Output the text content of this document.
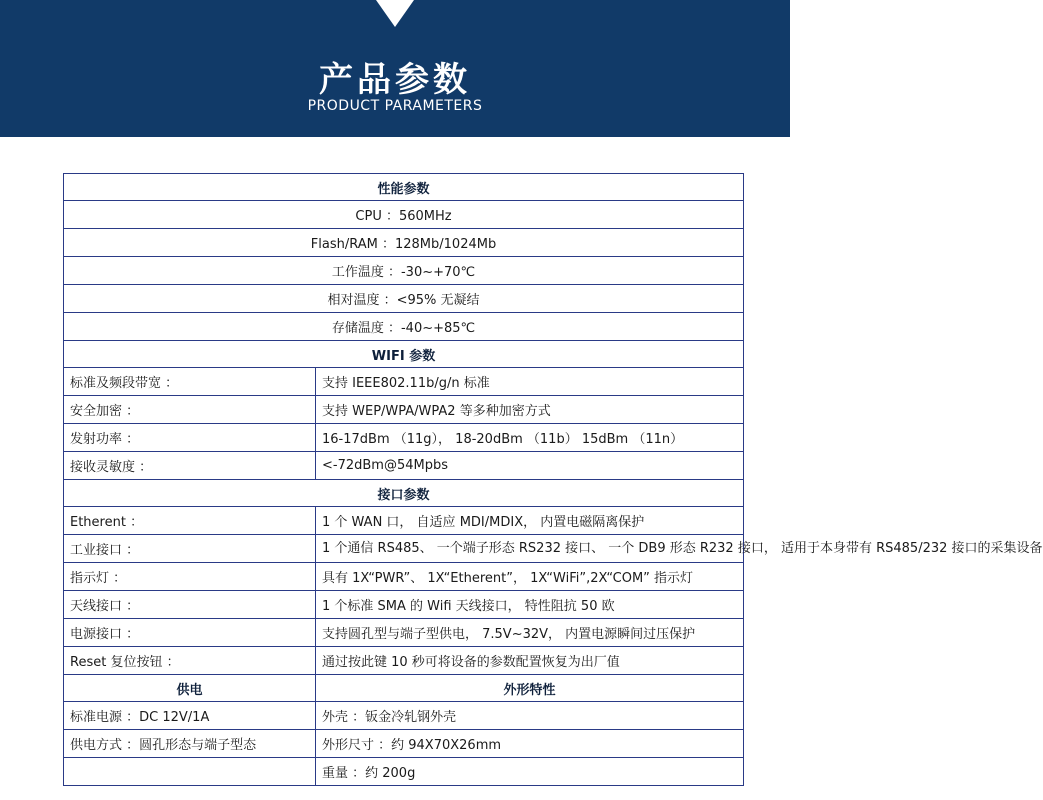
产品参数
PRODUCT PARAMETERS
性能参数	
CPU ：560MHz	
Flash/RAM ：128Mb/1024Mb	
工作温度 ：-30~+70℃	
相对温度 ：<95% 无凝结	
存储温度 ：-40~+85℃	
WIFI 参数	
标准及频段带宽 ：	支持 IEEE802.11b/g/n 标准
安全加密 ：	支持 WEP/WPA/WPA2 等多种加密方式
发射功率 ：	16-17dBm （11g）， 18-20dBm （11b） 15dBm （11n）
接收灵敏度 ：	<-72dBm@54Mpbs
接口参数	
Etherent ：	1 个 WAN 口， 自适应 MDI/MDIX， 内置电磁隔离保护
工业接口 ：	1 个通信 RS485、 一个端子形态 RS232 接口、 一个 DB9 形态 R232 接口， 适用于本身带有 RS485/232 接口的采集设备
指示灯 ：	具有 1X“PWR”、 1X“Etherent”， 1X“WiFi”,2X“COM” 指示灯
天线接口 ：	1 个标准 SMA 的 Wifi 天线接口， 特性阻抗 50 欧
电源接口 ：	支持圆孔型与端子型供电， 7.5V~32V， 内置电源瞬间过压保护
Reset 复位按钮 ：	通过按此键 10 秒可将设备的参数配置恢复为出厂值
供电	外形特性
标准电源 ：DC 12V/1A	外壳 ：钣金冷轧钢外壳
供电方式 ：圆孔形态与端子型态	外形尺寸 ：约 94X70X26mm
	重量 ：约 200g
